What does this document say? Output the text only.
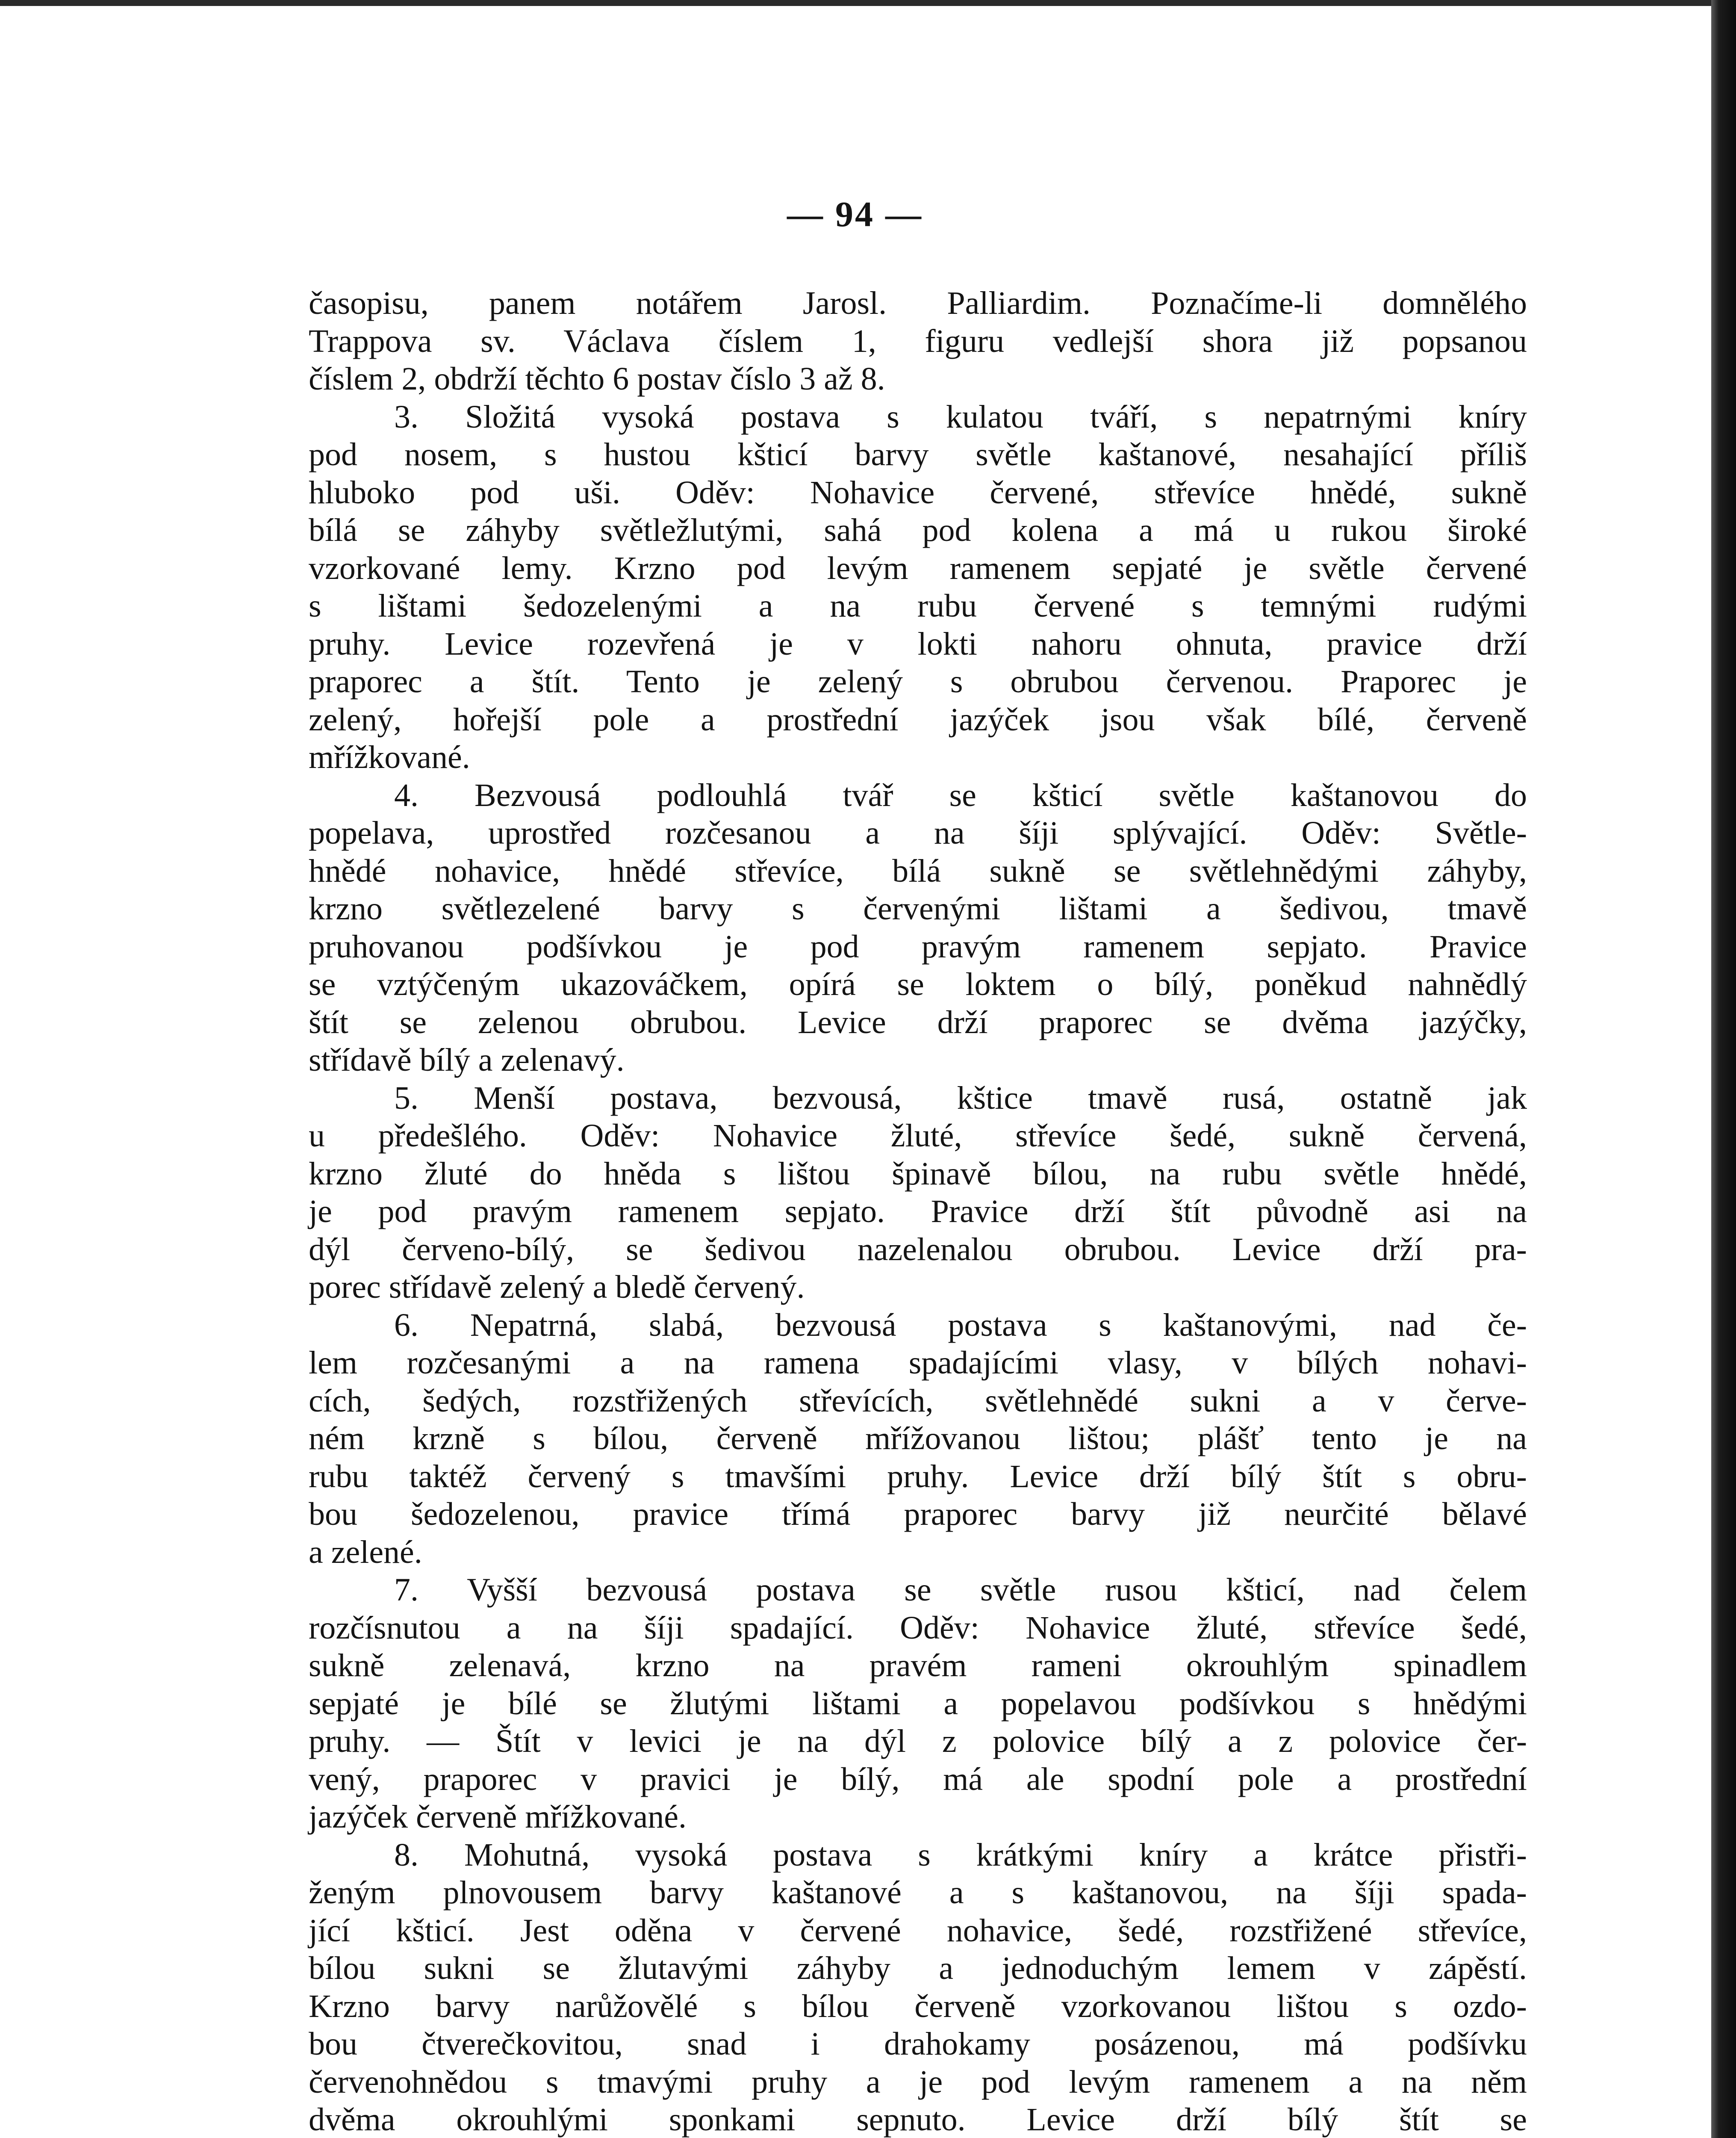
— 94 —
časopisu, panem notářem Jarosl. Palliardim. Poznačíme-li domnělého
Trappova sv. Václava číslem 1, figuru vedlejší shora již popsanou
číslem 2, obdrží těchto 6 postav číslo 3 až 8.
3. Složitá vysoká postava s kulatou tváří, s nepatrnými kníry
pod nosem, s hustou kšticí barvy světle kaštanové, nesahající příliš
hluboko pod uši. Oděv: Nohavice červené, střevíce hnědé, sukně
bílá se záhyby světležlutými, sahá pod kolena a má u rukou široké
vzorkované lemy. Krzno pod levým ramenem sepjaté je světle červené
s lištami šedozelenými a na rubu červené s temnými rudými
pruhy. Levice rozevřená je v lokti nahoru ohnuta, pravice drží
praporec a štít. Tento je zelený s obrubou červenou. Praporec je
zelený, hořejší pole a prostřední jazýček jsou však bílé, červeně
mřížkované.
4. Bezvousá podlouhlá tvář se kšticí světle kaštanovou do
popelava, uprostřed rozčesanou a na šíji splývající. Oděv: Světle-
hnědé nohavice, hnědé střevíce, bílá sukně se světlehnědými záhyby,
krzno světlezelené barvy s červenými lištami a šedivou, tmavě
pruhovanou podšívkou je pod pravým ramenem sepjato. Pravice
se vztýčeným ukazováčkem, opírá se loktem o bílý, poněkud nahnědlý
štít se zelenou obrubou. Levice drží praporec se dvěma jazýčky,
střídavě bílý a zelenavý.
5. Menší postava, bezvousá, kštice tmavě rusá, ostatně jak
u předešlého. Oděv: Nohavice žluté, střevíce šedé, sukně červená,
krzno žluté do hněda s lištou špinavě bílou, na rubu světle hnědé,
je pod pravým ramenem sepjato. Pravice drží štít původně asi na
dýl červeno-bílý, se šedivou nazelenalou obrubou. Levice drží pra-
porec střídavě zelený a bledě červený.
6. Nepatrná, slabá, bezvousá postava s kaštanovými, nad če-
lem rozčesanými a na ramena spadajícími vlasy, v bílých nohavi-
cích, šedých, rozstřižených střevících, světlehnědé sukni a v červe-
ném krzně s bílou, červeně mřížovanou lištou; plášť tento je na
rubu taktéž červený s tmavšími pruhy. Levice drží bílý štít s obru-
bou šedozelenou, pravice třímá praporec barvy již neurčité bělavé
a zelené.
7. Vyšší bezvousá postava se světle rusou kšticí, nad čelem
rozčísnutou a na šíji spadající. Oděv: Nohavice žluté, střevíce šedé,
sukně zelenavá, krzno na pravém rameni okrouhlým spinadlem
sepjaté je bílé se žlutými lištami a popelavou podšívkou s hnědými
pruhy. — Štít v levici je na dýl z polovice bílý a z polovice čer-
vený, praporec v pravici je bílý, má ale spodní pole a prostřední
jazýček červeně mřížkované.
8. Mohutná, vysoká postava s krátkými kníry a krátce přistři-
ženým plnovousem barvy kaštanové a s kaštanovou, na šíji spada-
jící kšticí. Jest oděna v červené nohavice, šedé, rozstřižené střevíce,
bílou sukni se žlutavými záhyby a jednoduchým lemem v zápěstí.
Krzno barvy narůžovělé s bílou červeně vzorkovanou lištou s ozdo-
bou čtverečkovitou, snad i drahokamy posázenou, má podšívku
červenohnědou s tmavými pruhy a je pod levým ramenem a na něm
dvěma okrouhlými sponkami sepnuto. Levice drží bílý štít se
